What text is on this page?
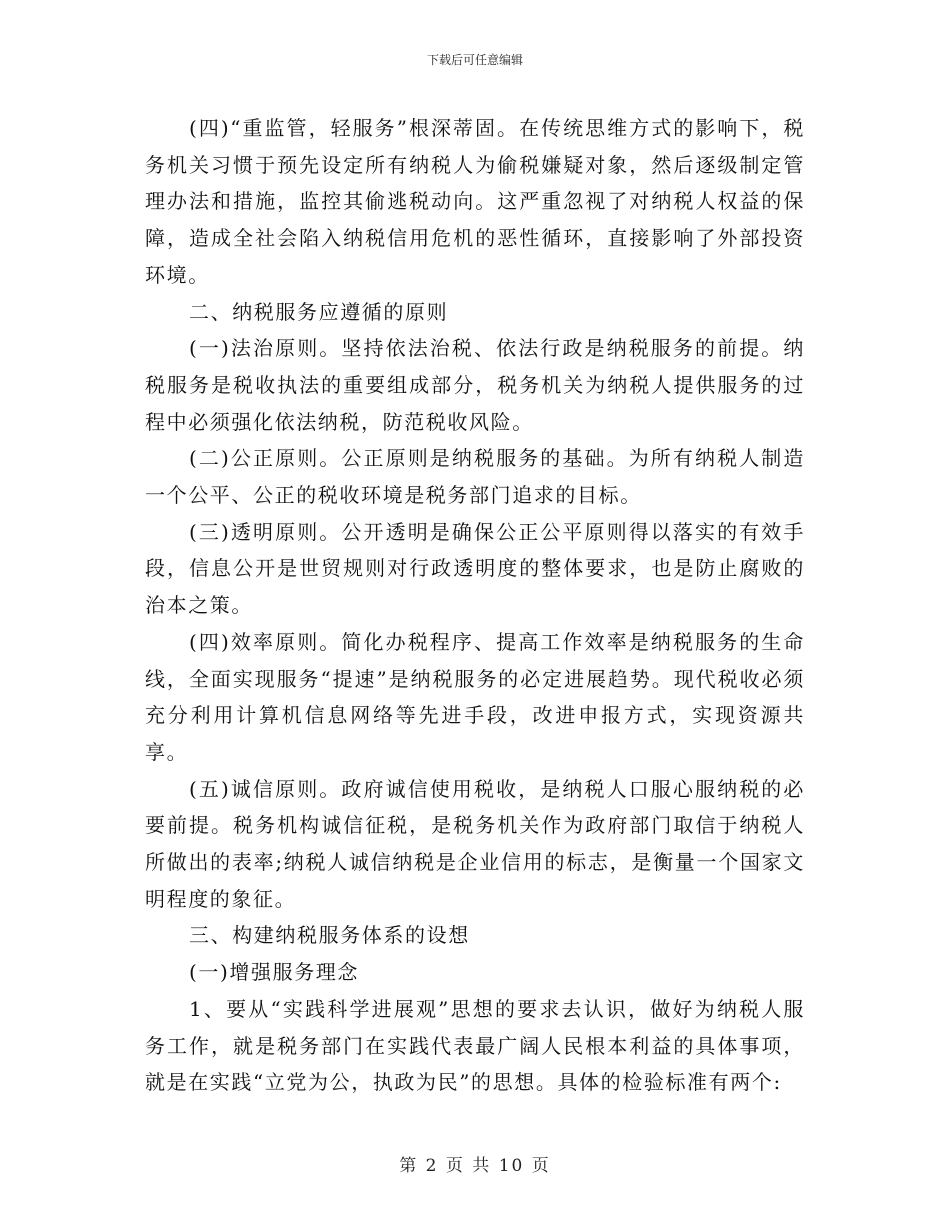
下载后可任意编辑

(四)“重监管，轻服务”根深蒂固。在传统思维方式的影响下，税务机关习惯于预先设定所有纳税人为偷税嫌疑对象，然后逐级制定管理办法和措施，监控其偷逃税动向。这严重忽视了对纳税人权益的保障，造成全社会陷入纳税信用危机的恶性循环，直接影响了外部投资环境。

二、纳税服务应遵循的原则

(一)法治原则。坚持依法治税、依法行政是纳税服务的前提。纳税服务是税收执法的重要组成部分，税务机关为纳税人提供服务的过程中必须强化依法纳税，防范税收风险。

(二)公正原则。公正原则是纳税服务的基础。为所有纳税人制造一个公平、公正的税收环境是税务部门追求的目标。

(三)透明原则。公开透明是确保公正公平原则得以落实的有效手段，信息公开是世贸规则对行政透明度的整体要求，也是防止腐败的治本之策。

(四)效率原则。简化办税程序、提高工作效率是纳税服务的生命线，全面实现服务“提速”是纳税服务的必定进展趋势。现代税收必须充分利用计算机信息网络等先进手段，改进申报方式，实现资源共享。

(五)诚信原则。政府诚信使用税收，是纳税人口服心服纳税的必要前提。税务机构诚信征税，是税务机关作为政府部门取信于纳税人所做出的表率;纳税人诚信纳税是企业信用的标志，是衡量一个国家文明程度的象征。

三、构建纳税服务体系的设想

(一)增强服务理念

1、要从“实践科学进展观”思想的要求去认识，做好为纳税人服务工作，就是税务部门在实践代表最广阔人民根本利益的具体事项，就是在实践“立党为公，执政为民”的思想。具体的检验标准有两个:

第 2 页 共 10 页
